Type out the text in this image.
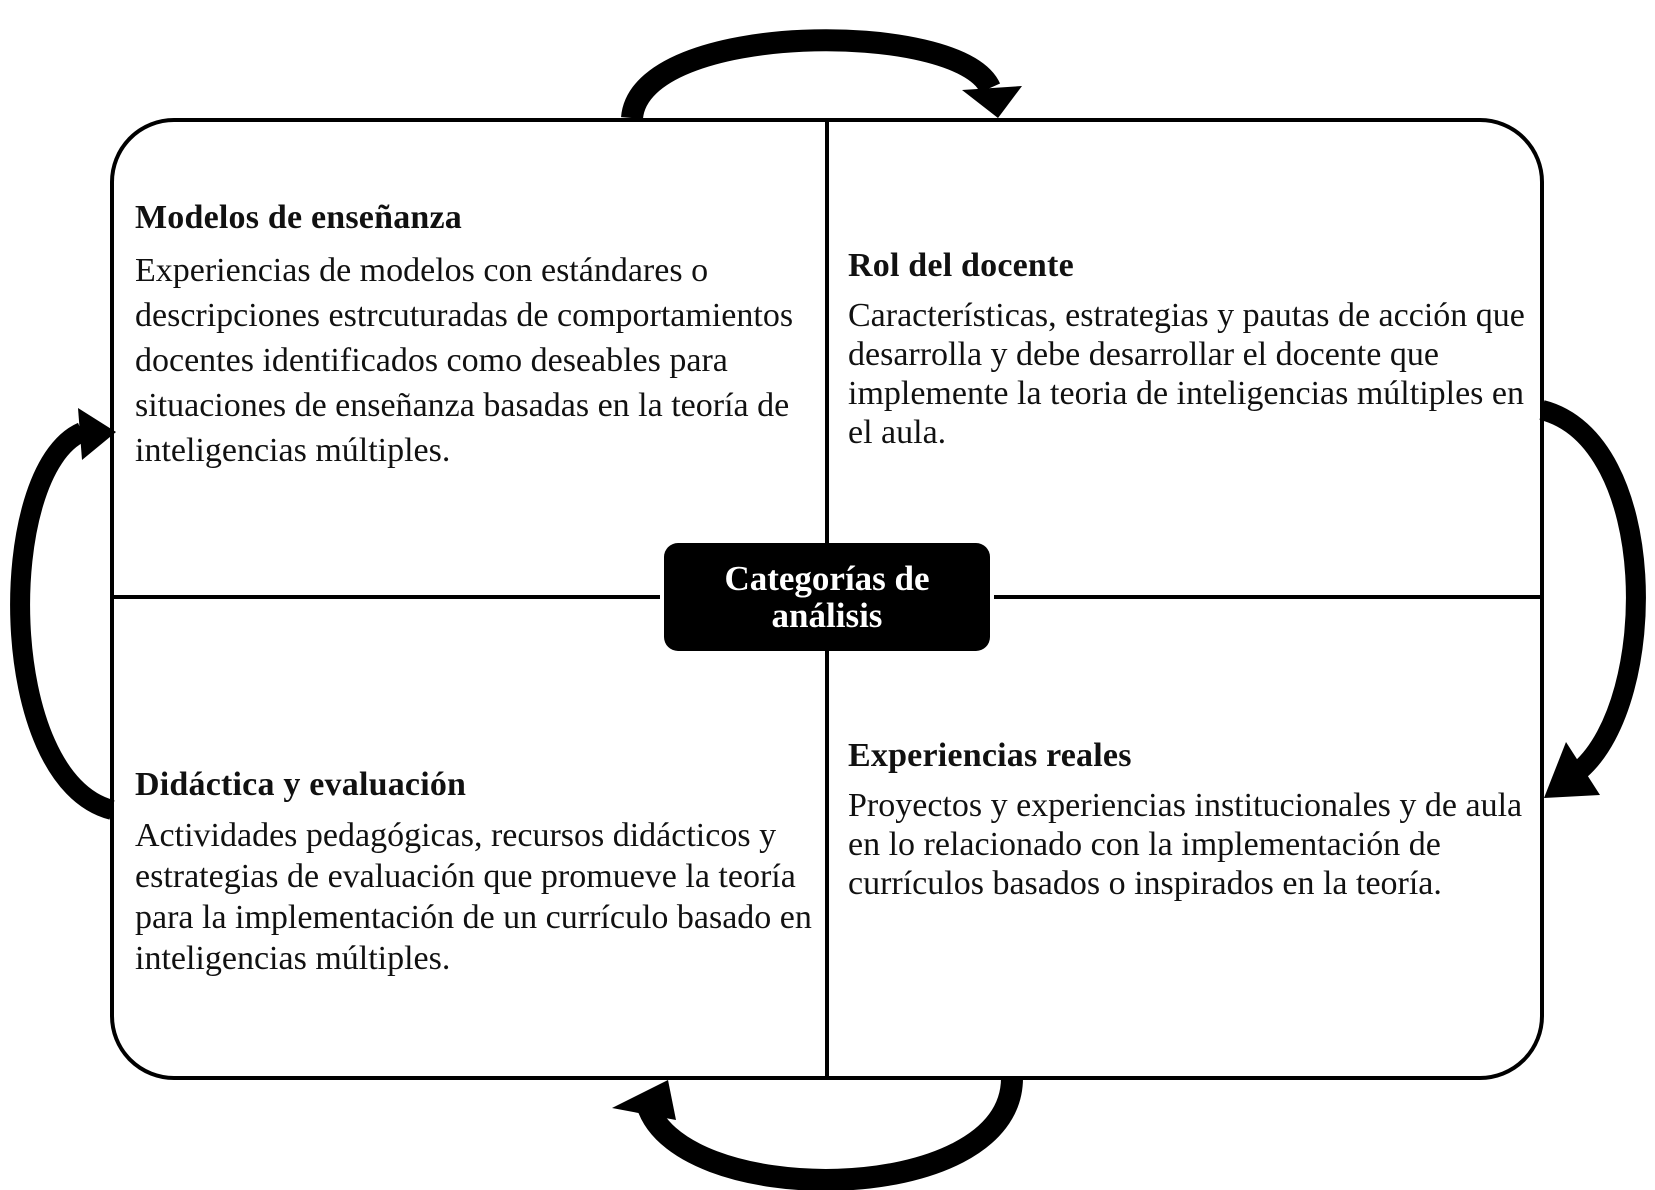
Modelos de enseñanza

Experiencias de modelos con estándares o descripciones estrcuturadas de comportamientos docentes identificados como deseables para situaciones de enseñanza basadas en la teoría de inteligencias múltiples.

Rol del docente

Características, estrategias y pautas de acción que desarrolla y debe desarrollar el docente que implemente la teoria de inteligencias múltiples en el aula.

Didáctica y evaluación

Actividades pedagógicas, recursos didácticos y estrategias de evaluación que promueve la teoría para la implementación de un currículo basado en inteligencias múltiples.

Experiencias reales

Proyectos y experiencias institucionales y de aula en lo relacionado con la implementación de currículos basados o inspirados en la teoría.

Categorías de análisis
